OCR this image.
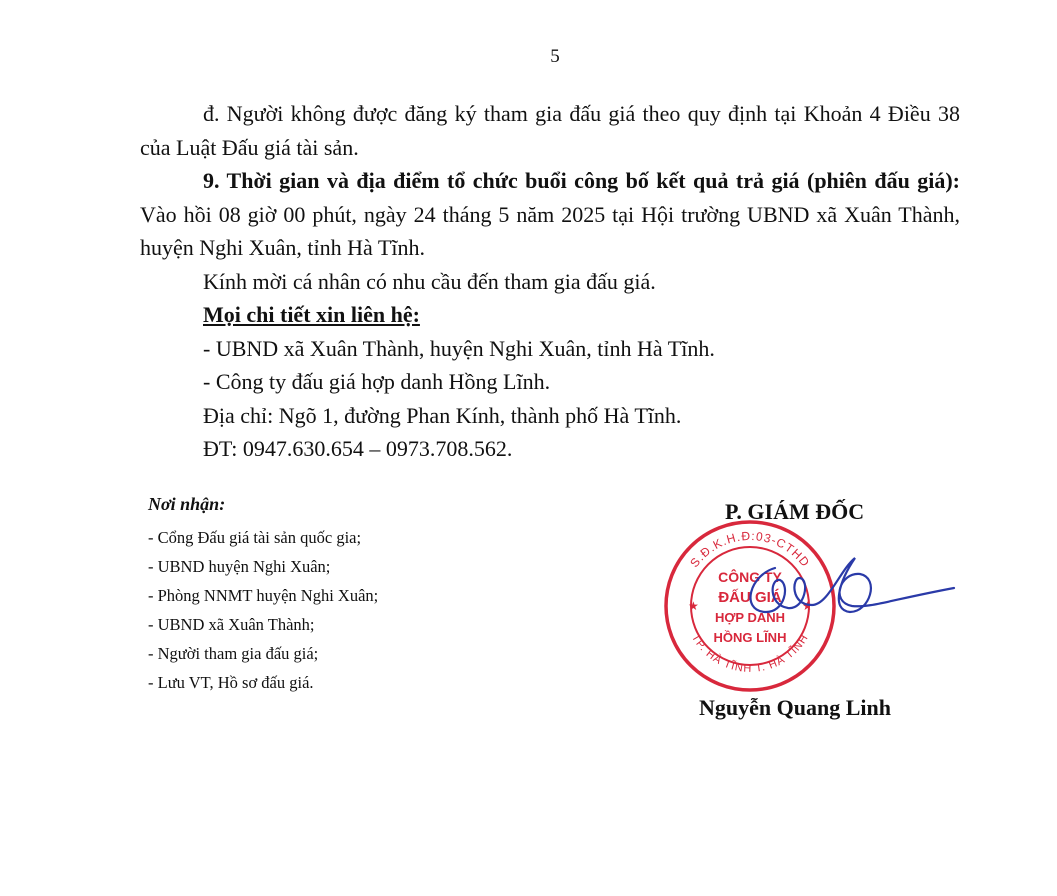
5

đ. Người không được đăng ký tham gia đấu giá theo quy định tại Khoản 4 Điều 38 của Luật Đấu giá tài sản.

9. Thời gian và địa điểm tổ chức buổi công bố kết quả trả giá (phiên đấu giá): Vào hồi 08 giờ 00 phút, ngày 24 tháng 5 năm 2025 tại Hội trường UBND xã Xuân Thành, huyện Nghi Xuân, tỉnh Hà Tĩnh.

Kính mời cá nhân có nhu cầu đến tham gia đấu giá.

Mọi chi tiết xin liên hệ:

- UBND xã Xuân Thành, huyện Nghi Xuân, tỉnh Hà Tĩnh.

- Công ty đấu giá hợp danh Hồng Lĩnh.

Địa chỉ: Ngõ 1, đường Phan Kính, thành phố Hà Tĩnh.

ĐT: 0947.630.654 – 0973.708.562.

Nơi nhận:
- Cổng Đấu giá tài sản quốc gia;
- UBND huyện Nghi Xuân;
- Phòng NNMT huyện Nghi Xuân;
- UBND xã Xuân Thành;
- Người tham gia đấu giá;
- Lưu VT, Hồ sơ đấu giá.
P. GIÁM ĐỐC
S.Đ.K.H.Đ:03-CTHD
TP. HÀ TĨNH T. HÀ TĨNH
★	★
CÔNG TY
ĐẤU GIÁ
HỢP DANH
HỒNG LĨNH
Nguyễn Quang Linh
